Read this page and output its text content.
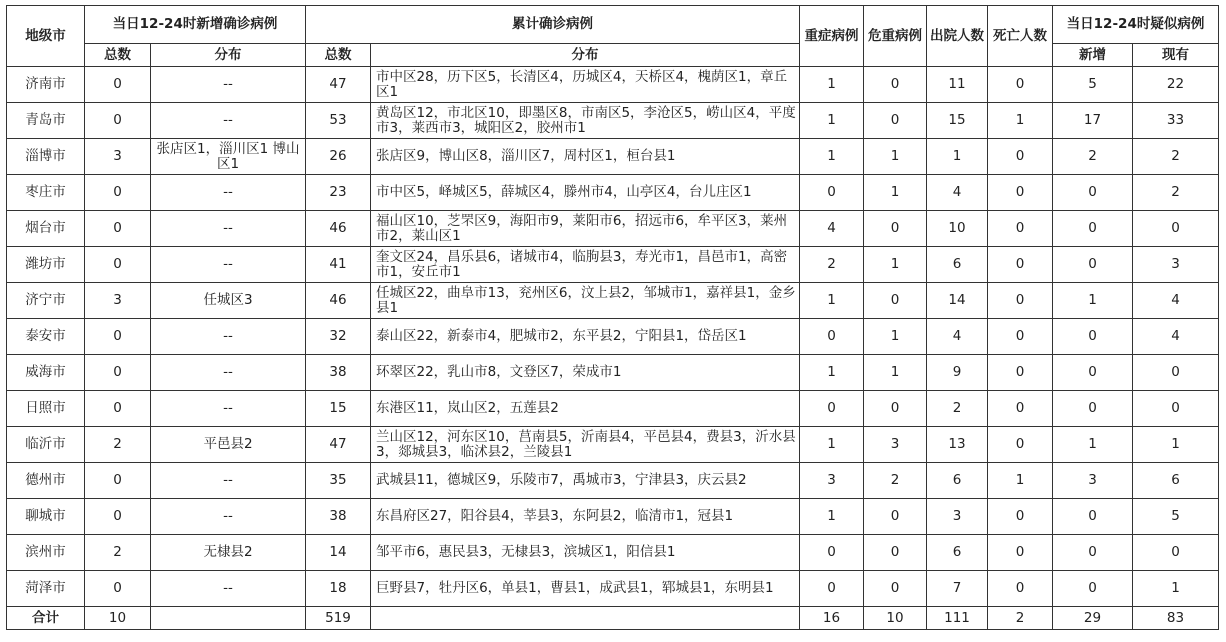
地级市	当日12-24时新增确诊病例		累计确诊病例		重症病例	危重病例	出院人数	死亡人数	当日12-24时疑似病例	
	总数	分布	总数	分布					新增	现有
济南市	0	--	47	市中区28，历下区5，长清区4，历城区4，天桥区4，槐荫区1，章丘区1	1	0	11	0	5	22
青岛市	0	--	53	黄岛区12，市北区10，即墨区8，市南区5，李沧区5，崂山区4，平度市3，莱西市3，城阳区2，胶州市1	1	0	15	1	17	33
淄博市	3	张店区1，淄川区1 博山区1	26	张店区9，博山区8，淄川区7，周村区1，桓台县1	1	1	1	0	2	2
枣庄市	0	--	23	市中区5，峄城区5，薛城区4，滕州市4，山亭区4，台儿庄区1	0	1	4	0	0	2
烟台市	0	--	46	福山区10，芝罘区9，海阳市9，莱阳市6，招远市6，牟平区3，莱州市2，莱山区1	4	0	10	0	0	0
潍坊市	0	--	41	奎文区24，昌乐县6，诸城市4，临朐县3，寿光市1，昌邑市1，高密市1，安丘市1	2	1	6	0	0	3
济宁市	3	任城区3	46	任城区22，曲阜市13，兖州区6，汶上县2，邹城市1，嘉祥县1，金乡县1	1	0	14	0	1	4
泰安市	0	--	32	泰山区22，新泰市4，肥城市2，东平县2，宁阳县1，岱岳区1	0	1	4	0	0	4
威海市	0	--	38	环翠区22，乳山市8，文登区7，荣成市1	1	1	9	0	0	0
日照市	0	--	15	东港区11，岚山区2，五莲县2	0	0	2	0	0	0
临沂市	2	平邑县2	47	兰山区12，河东区10，莒南县5，沂南县4，平邑县4，费县3，沂水县3，郯城县3，临沭县2，兰陵县1	1	3	13	0	1	1
德州市	0	--	35	武城县11，德城区9，乐陵市7，禹城市3，宁津县3，庆云县2	3	2	6	1	3	6
聊城市	0	--	38	东昌府区27，阳谷县4，莘县3，东阿县2，临清市1，冠县1	1	0	3	0	0	5
滨州市	2	无棣县2	14	邹平市6，惠民县3，无棣县3，滨城区1，阳信县1	0	0	6	0	0	0
菏泽市	0	--	18	巨野县7，牡丹区6，单县1，曹县1，成武县1，郓城县1，东明县1	0	0	7	0	0	1
合计	10		519		16	10	111	2	29	83
